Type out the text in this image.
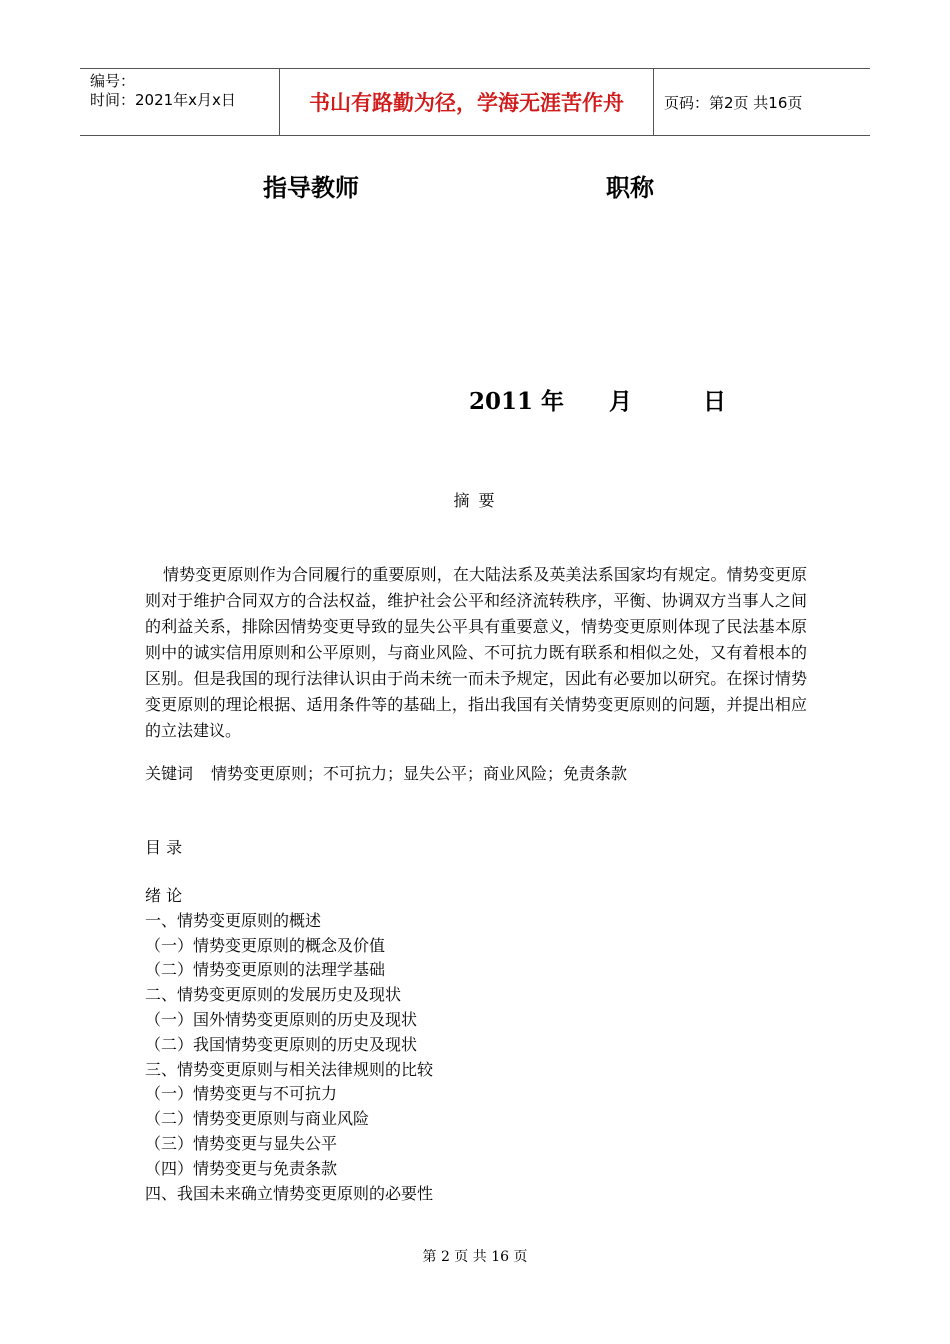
编号：
时间：2021年x月x日	书山有路勤为径，学海无涯苦作舟	页码：第2页 共16页
指导教师	职称
2011 年 月	日
摘 要
情势变更原则作为合同履行的重要原则，在大陆法系及英美法系国家均有规定。情势变更原则对于维护合同双方的合法权益，维护社会公平和经济流转秩序，平衡、协调双方当事人之间的利益关系，排除因情势变更导致的显失公平具有重要意义，情势变更原则体现了民法基本原则中的诚实信用原则和公平原则，与商业风险、不可抗力既有联系和相似之处，又有着根本的区别。但是我国的现行法律认识由于尚未统一而未予规定，因此有必要加以研究。在探讨情势变更原则的理论根据、适用条件等的基础上，指出我国有关情势变更原则的问题，并提出相应的立法建议。
关键词 情势变更原则；不可抗力；显失公平；商业风险；免责条款
目 录
绪 论
一、情势变更原则的概述
（一）情势变更原则的概念及价值
（二）情势变更原则的法理学基础
二、情势变更原则的发展历史及现状
（一）国外情势变更原则的历史及现状
（二）我国情势变更原则的历史及现状
三、情势变更原则与相关法律规则的比较
（一）情势变更与不可抗力
（二）情势变更原则与商业风险
（三）情势变更与显失公平
（四）情势变更与免责条款
四、我国未来确立情势变更原则的必要性
第 2 页 共 16 页
